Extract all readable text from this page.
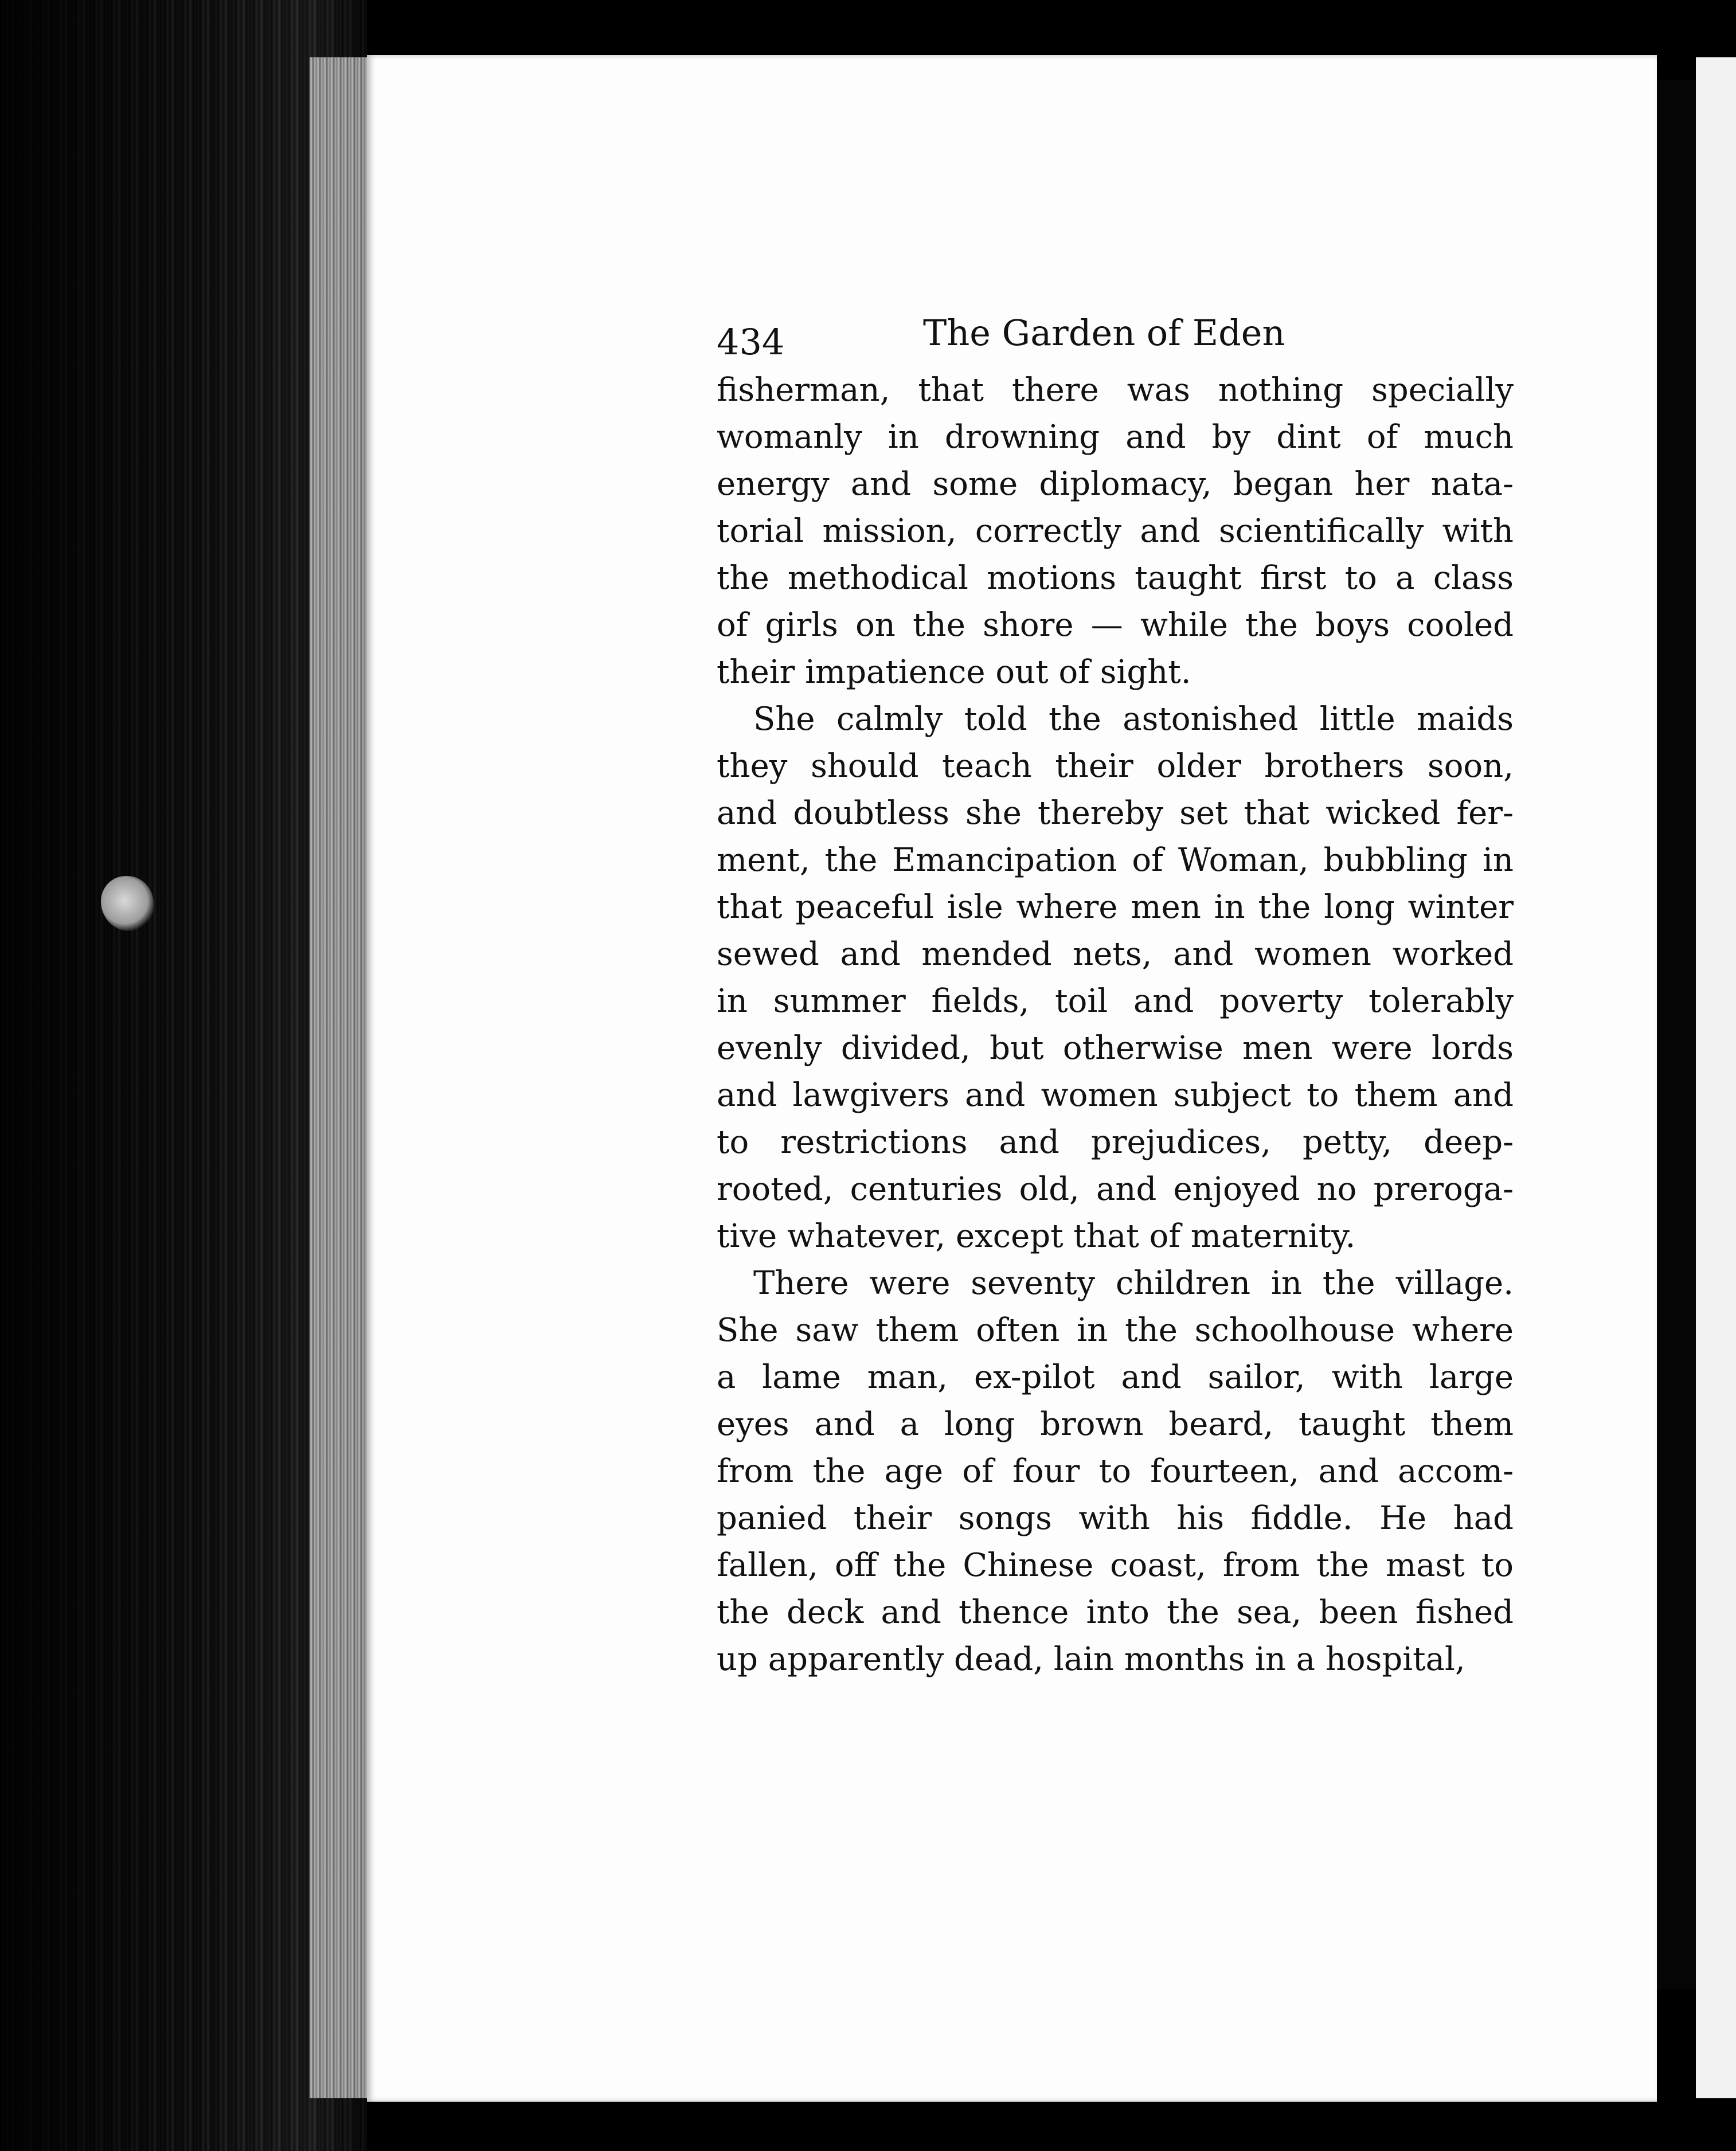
434	The Garden of Eden

fisherman, that there was nothing specially
womanly in drowning and by dint of much
energy and some diplomacy, began her nata-
torial mission, correctly and scientifically with
the methodical motions taught first to a class
of girls on the shore — while the boys cooled
their impatience out of sight.

She calmly told the astonished little maids
they should teach their older brothers soon,
and doubtless she thereby set that wicked fer-
ment, the Emancipation of Woman, bubbling in
that peaceful isle where men in the long winter
sewed and mended nets, and women worked
in summer fields, toil and poverty tolerably
evenly divided, but otherwise men were lords
and lawgivers and women subject to them and
to restrictions and prejudices, petty, deep-
rooted, centuries old, and enjoyed no preroga-
tive whatever, except that of maternity.

There were seventy children in the village.
She saw them often in the schoolhouse where
a lame man, ex-pilot and sailor, with large
eyes and a long brown beard, taught them
from the age of four to fourteen, and accom-
panied their songs with his fiddle. He had
fallen, off the Chinese coast, from the mast to
the deck and thence into the sea, been fished
up apparently dead, lain months in a hospital,
